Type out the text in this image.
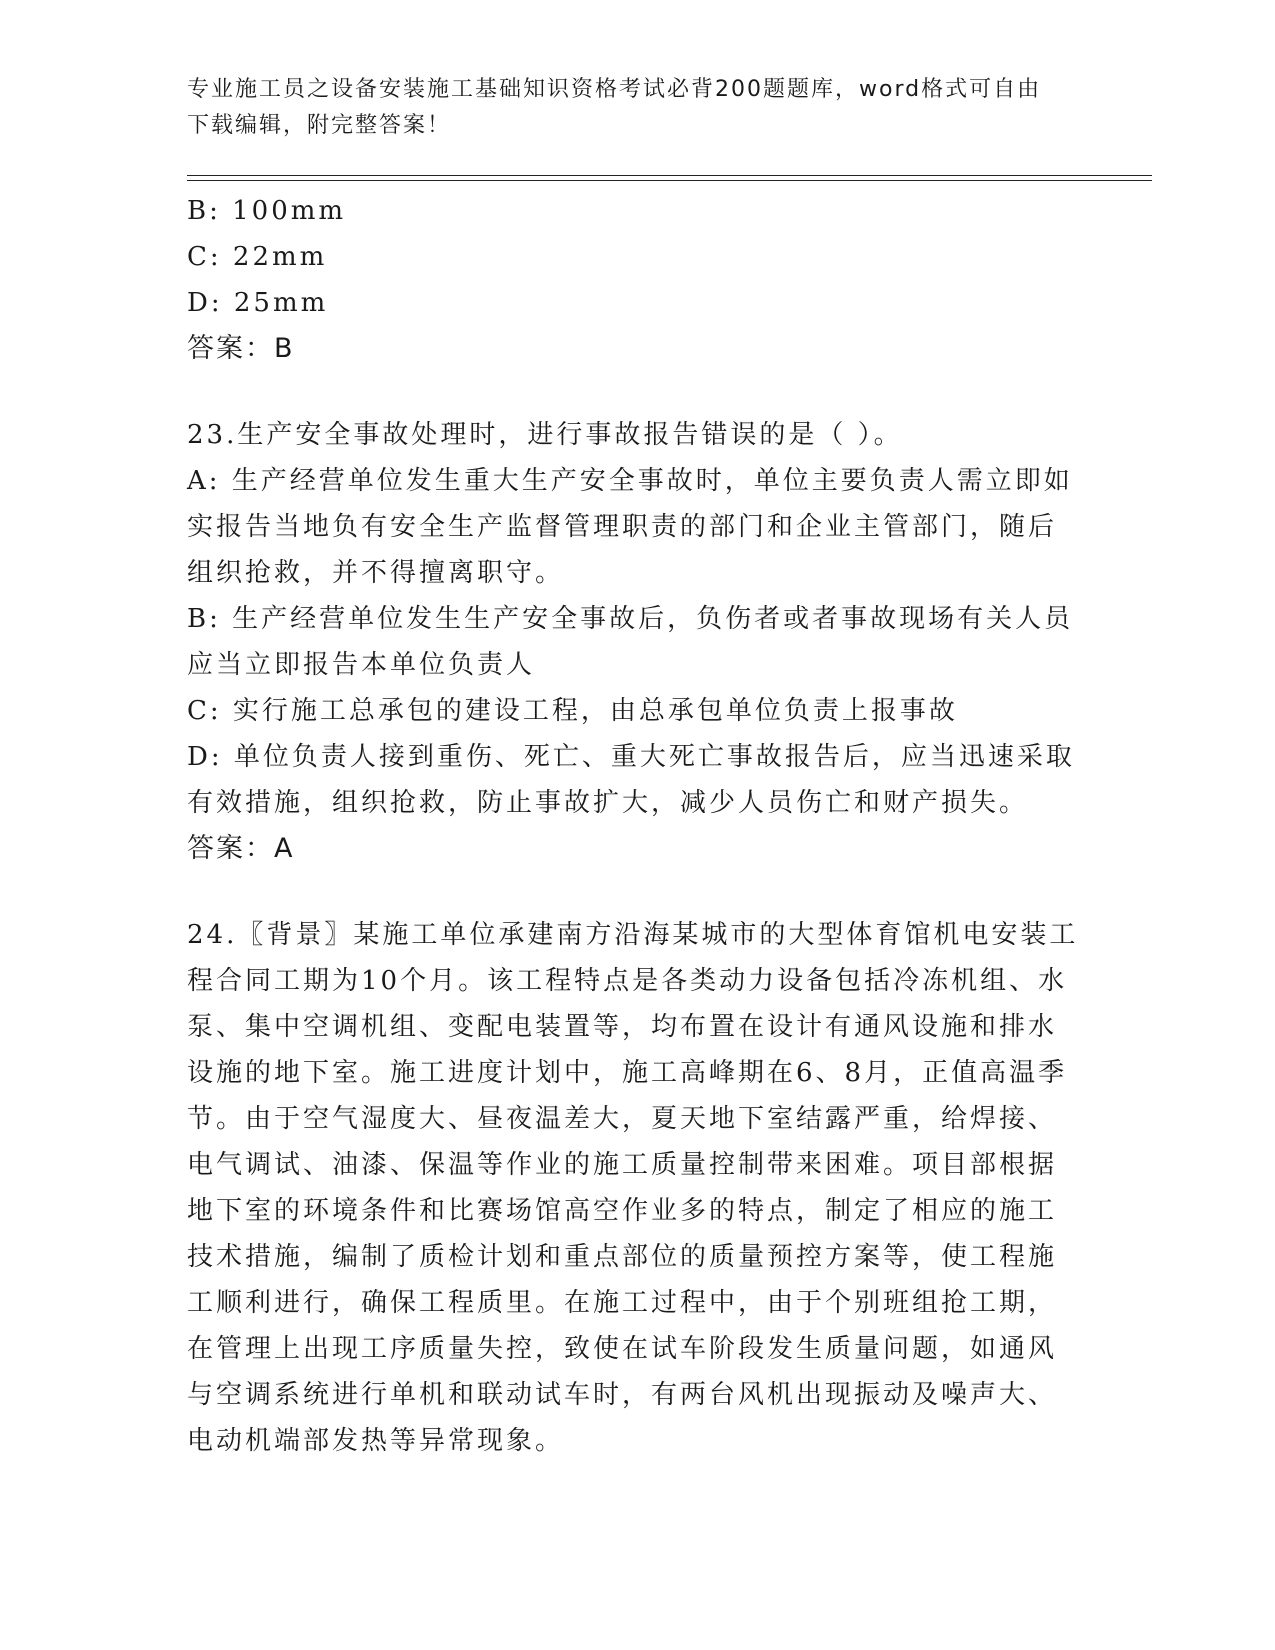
专业施工员之设备安装施工基础知识资格考试必背200题题库，word格式可自由
下载编辑，附完整答案！
B: 100mm
C: 22mm
D: 25mm
答案：B
23.生产安全事故处理时，进行事故报告错误的是（ ）。
A: 生产经营单位发生重大生产安全事故时，单位主要负责人需立即如
实报告当地负有安全生产监督管理职责的部门和企业主管部门，随后
组织抢救，并不得擅离职守。
B: 生产经营单位发生生产安全事故后，负伤者或者事故现场有关人员
应当立即报告本单位负责人
C: 实行施工总承包的建设工程，由总承包单位负责上报事故
D: 单位负责人接到重伤、死亡、重大死亡事故报告后，应当迅速采取
有效措施，组织抢救，防止事故扩大，减少人员伤亡和财产损失。
答案：A
24.〖背景〗某施工单位承建南方沿海某城市的大型体育馆机电安装工
程合同工期为10个月。该工程特点是各类动力设备包括冷冻机组、水
泵、集中空调机组、变配电装置等，均布置在设计有通风设施和排水
设施的地下室。施工进度计划中，施工高峰期在6、8月，正值高温季
节。由于空气湿度大、昼夜温差大，夏天地下室结露严重，给焊接、
电气调试、油漆、保温等作业的施工质量控制带来困难。项目部根据
地下室的环境条件和比赛场馆高空作业多的特点，制定了相应的施工
技术措施，编制了质检计划和重点部位的质量预控方案等，使工程施
工顺利进行，确保工程质里。在施工过程中，由于个别班组抢工期，
在管理上出现工序质量失控，致使在试车阶段发生质量问题，如通风
与空调系统进行单机和联动试车时，有两台风机出现振动及噪声大、
电动机端部发热等异常现象。
